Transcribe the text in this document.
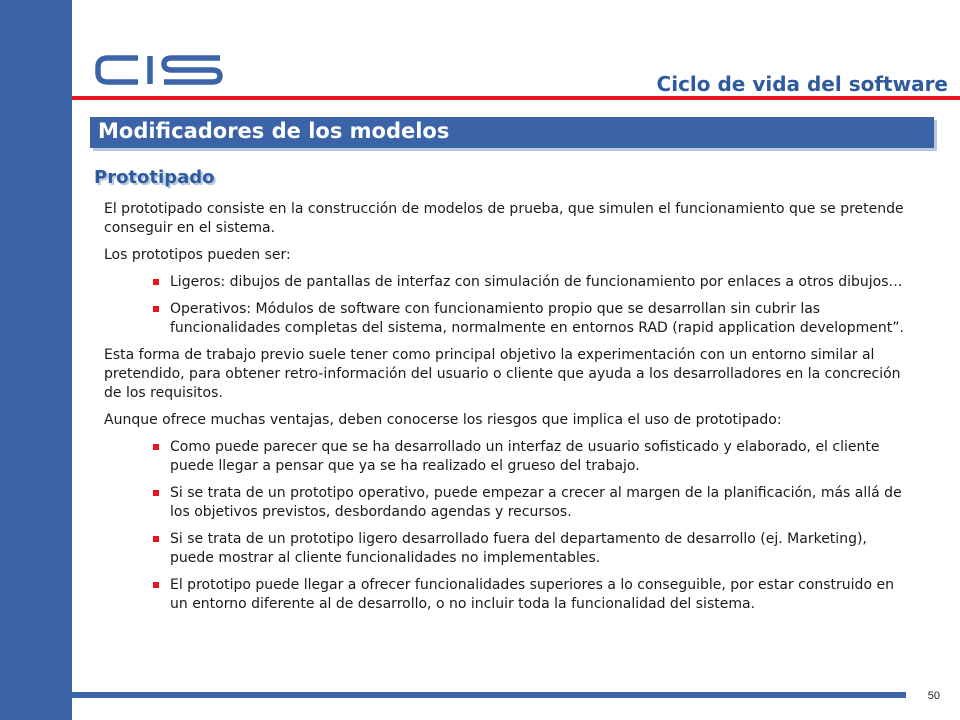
Ciclo de vida del software
Modificadores de los modelos
Prototipado

El prototipado consiste en la construcción de modelos de prueba, que simulen el funcionamiento que se pretende conseguir en el sistema.

Los prototipos pueden ser:

Ligeros: dibujos de pantallas de interfaz con simulación de funcionamiento por enlaces a otros dibujos…
Operativos: Módulos de software con funcionamiento propio que se desarrollan sin cubrir las funcionalidades completas del sistema, normalmente en entornos RAD (rapid application development”.

Esta forma de trabajo previo suele tener como principal objetivo la experimentación con un entorno similar al pretendido, para obtener retro-información del usuario o cliente que ayuda a los desarrolladores en la concreción de los requisitos.

Aunque ofrece muchas ventajas, deben conocerse los riesgos que implica el uso de prototipado:

Como puede parecer que se ha desarrollado un interfaz de usuario sofisticado y elaborado, el cliente puede llegar a pensar que ya se ha realizado el grueso del trabajo.
Si se trata de un prototipo operativo, puede empezar a crecer al margen de la planificación, más allá de los objetivos previstos, desbordando agendas y recursos.
Si se trata de un prototipo ligero desarrollado fuera del departamento de desarrollo (ej. Marketing), puede mostrar al cliente funcionalidades no implementables.
El prototipo puede llegar a ofrecer funcionalidades superiores a lo conseguible, por estar construido en un entorno diferente al de desarrollo, o no incluir toda la funcionalidad del sistema.
50
